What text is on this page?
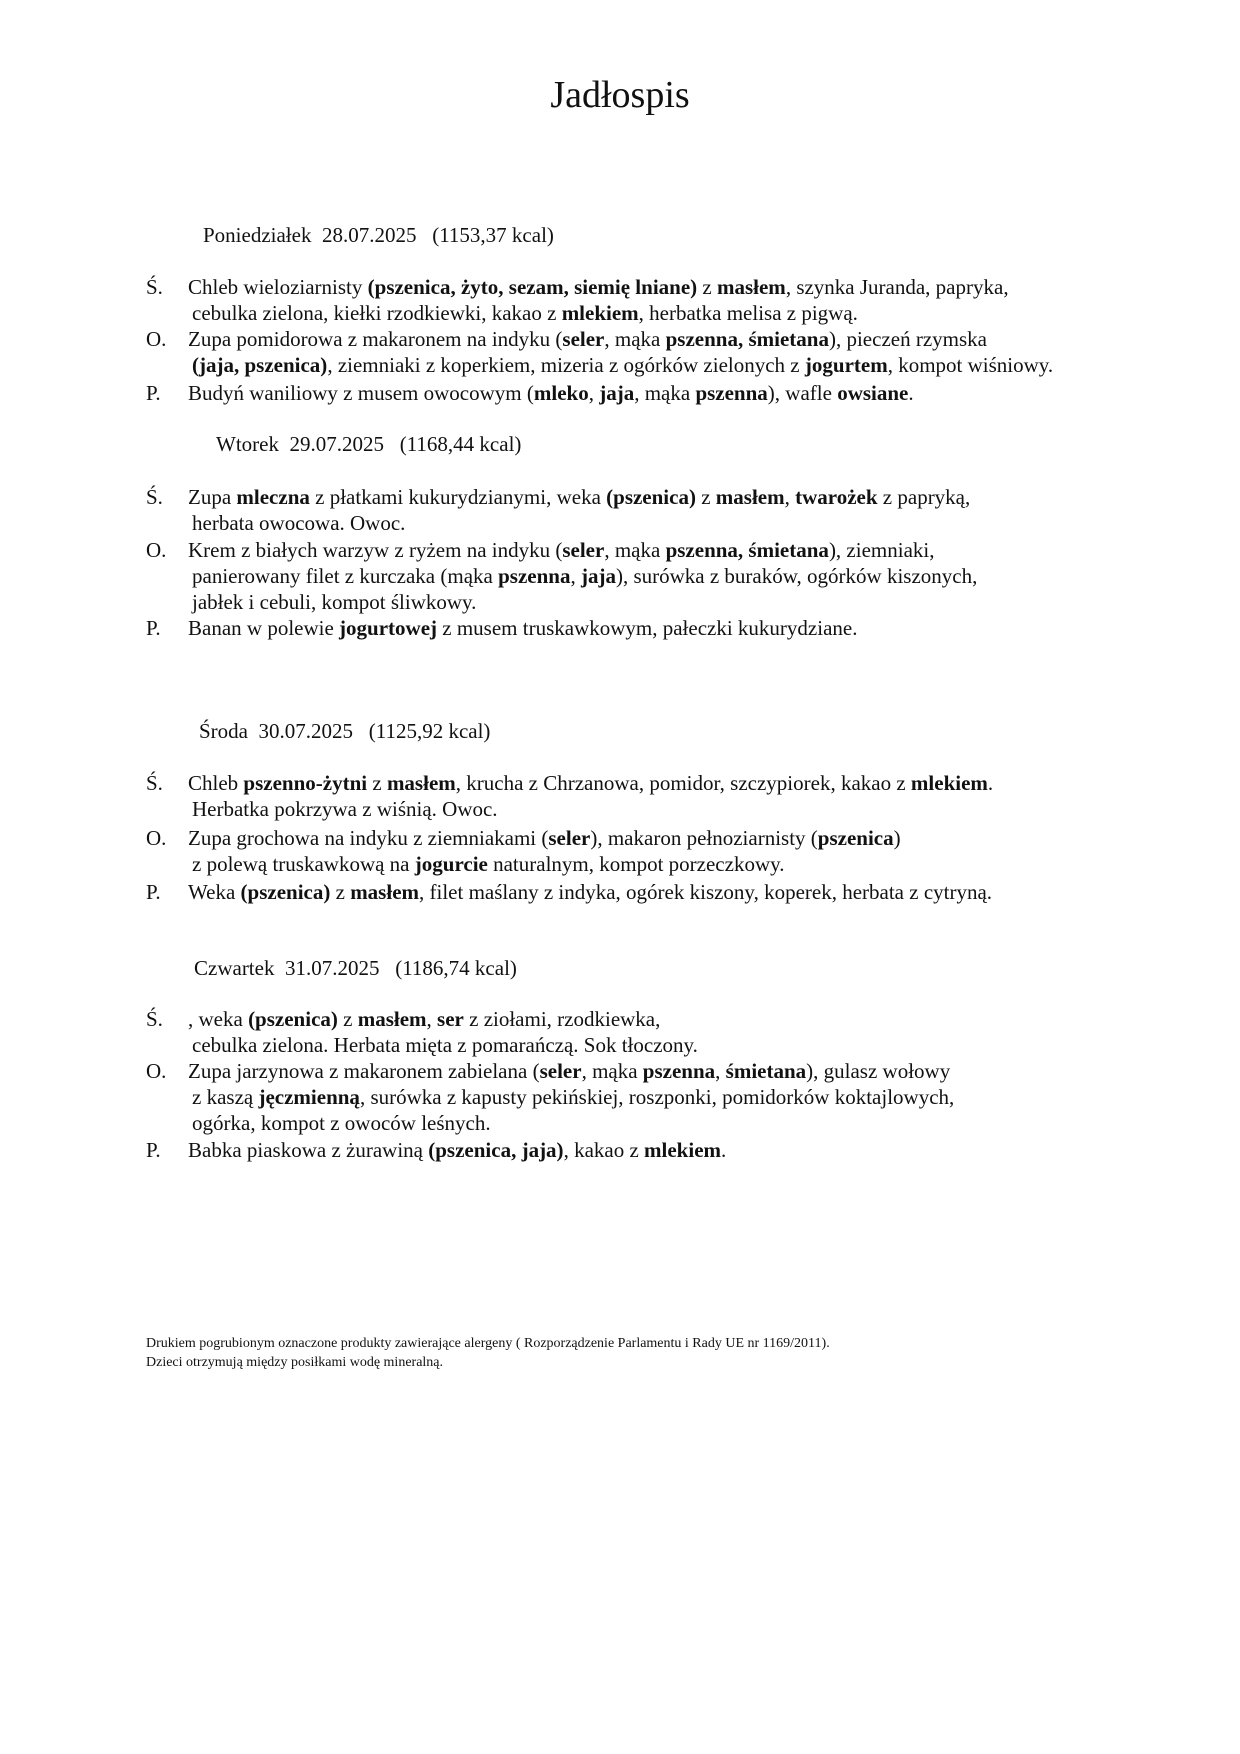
Jadłospis
Poniedziałek  28.07.2025   (1153,37 kcal)
Wtorek  29.07.2025   (1168,44 kcal)
Środa  30.07.2025   (1125,92 kcal)
Czwartek  31.07.2025   (1186,74 kcal)
Ś.	Chleb wieloziarnisty (pszenica, żyto, sezam, siemię lniane) z masłem, szynka Juranda, papryka,
cebulka zielona, kiełki rzodkiewki, kakao z mlekiem, herbatka melisa z pigwą.
O.	Zupa pomidorowa z makaronem na indyku (seler, mąka pszenna, śmietana), pieczeń rzymska
(jaja, pszenica), ziemniaki z koperkiem, mizeria z ogórków zielonych z jogurtem, kompot wiśniowy.
P.	Budyń waniliowy z musem owocowym (mleko, jaja, mąka pszenna), wafle owsiane.
Ś.	Zupa mleczna z płatkami kukurydzianymi, weka (pszenica) z masłem, twarożek z papryką,
herbata owocowa. Owoc.
O.	Krem z białych warzyw z ryżem na indyku (seler, mąka pszenna, śmietana), ziemniaki,
panierowany filet z kurczaka (mąka pszenna, jaja), surówka z buraków, ogórków kiszonych,
jabłek i cebuli, kompot śliwkowy.
P.	Banan w polewie jogurtowej z musem truskawkowym, pałeczki kukurydziane.
Ś.	Chleb pszenno-żytni z masłem, krucha z Chrzanowa, pomidor, szczypiorek, kakao z mlekiem.
Herbatka pokrzywa z wiśnią. Owoc.
O.	Zupa grochowa na indyku z ziemniakami (seler), makaron pełnoziarnisty (pszenica)
z polewą truskawkową na jogurcie naturalnym, kompot porzeczkowy.
P.	Weka (pszenica) z masłem, filet maślany z indyka, ogórek kiszony, koperek, herbata z cytryną.
Ś.	, weka (pszenica) z masłem, ser z ziołami, rzodkiewka,
cebulka zielona. Herbata mięta z pomarańczą. Sok tłoczony.
O.	Zupa jarzynowa z makaronem zabielana (seler, mąka pszenna, śmietana), gulasz wołowy
z kaszą jęczmienną, surówka z kapusty pekińskiej, roszponki, pomidorków koktajlowych,
ogórka, kompot z owoców leśnych.
P.	Babka piaskowa z żurawiną (pszenica, jaja), kakao z mlekiem.
Drukiem pogrubionym oznaczone produkty zawierające alergeny ( Rozporządzenie Parlamentu i Rady UE nr 1169/2011).
Dzieci otrzymują między posiłkami wodę mineralną.
